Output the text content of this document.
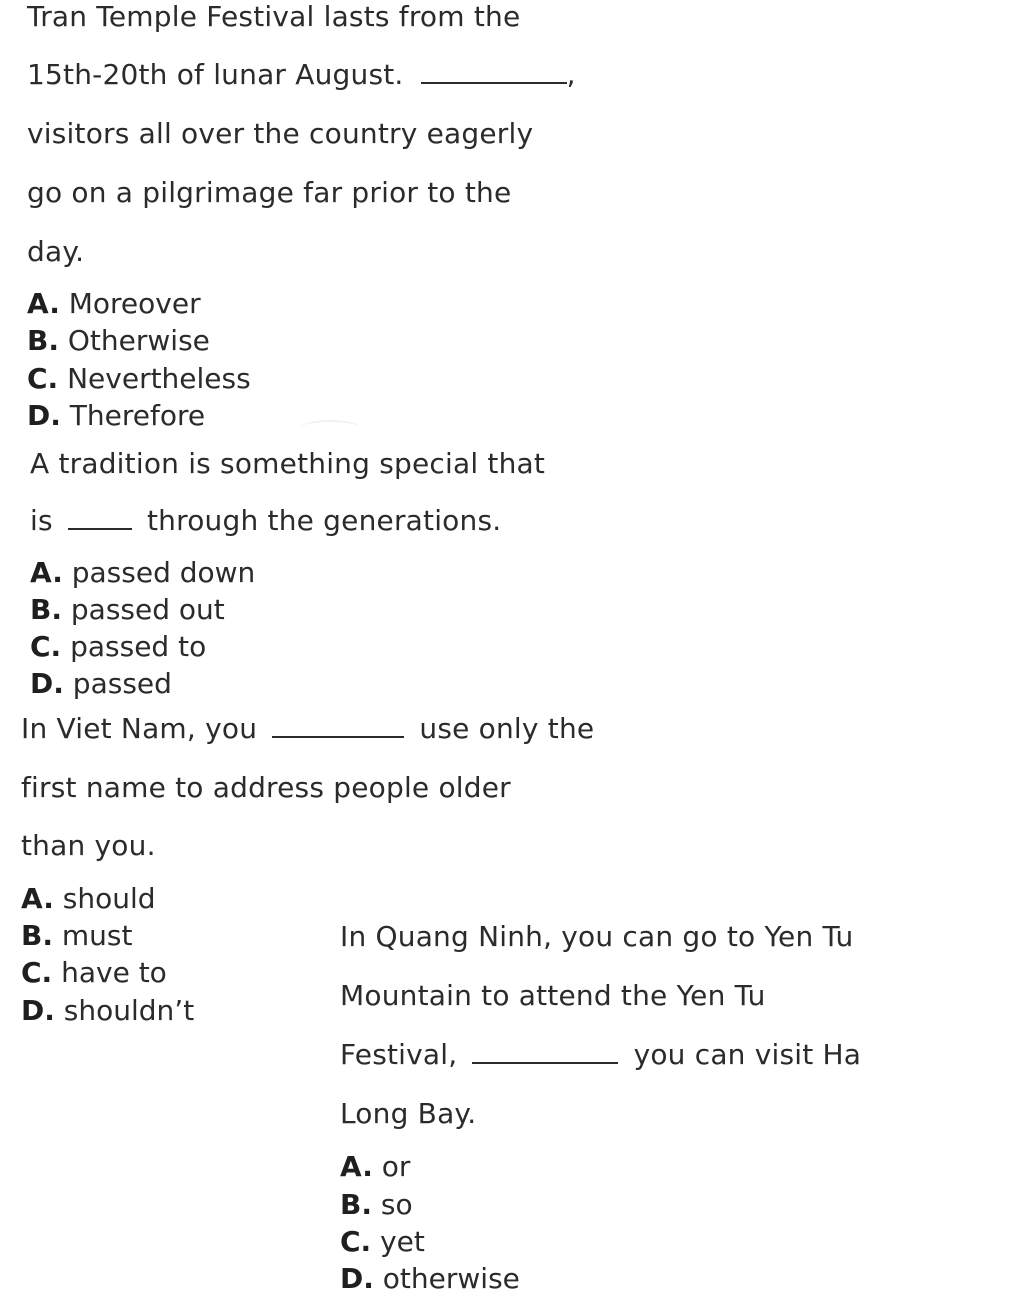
Tran Temple Festival lasts from the
15th-20th of lunar August.	,
visitors all over the country eagerly
go on a pilgrimage far prior to the
day.
A. Moreover
B. Otherwise
C. Nevertheless
D. Therefore
A tradition is something special that
is	through the generations.
A. passed down
B. passed out
C. passed to
D. passed
In Viet Nam, you	use only the
first name to address people older
than you.
A. should
B. must
C. have to
D. shouldn’t
In Quang Ninh, you can go to Yen Tu
Mountain to attend the Yen Tu
Festival,	you can visit Ha
Long Bay.
A. or
B. so
C. yet
D. otherwise
